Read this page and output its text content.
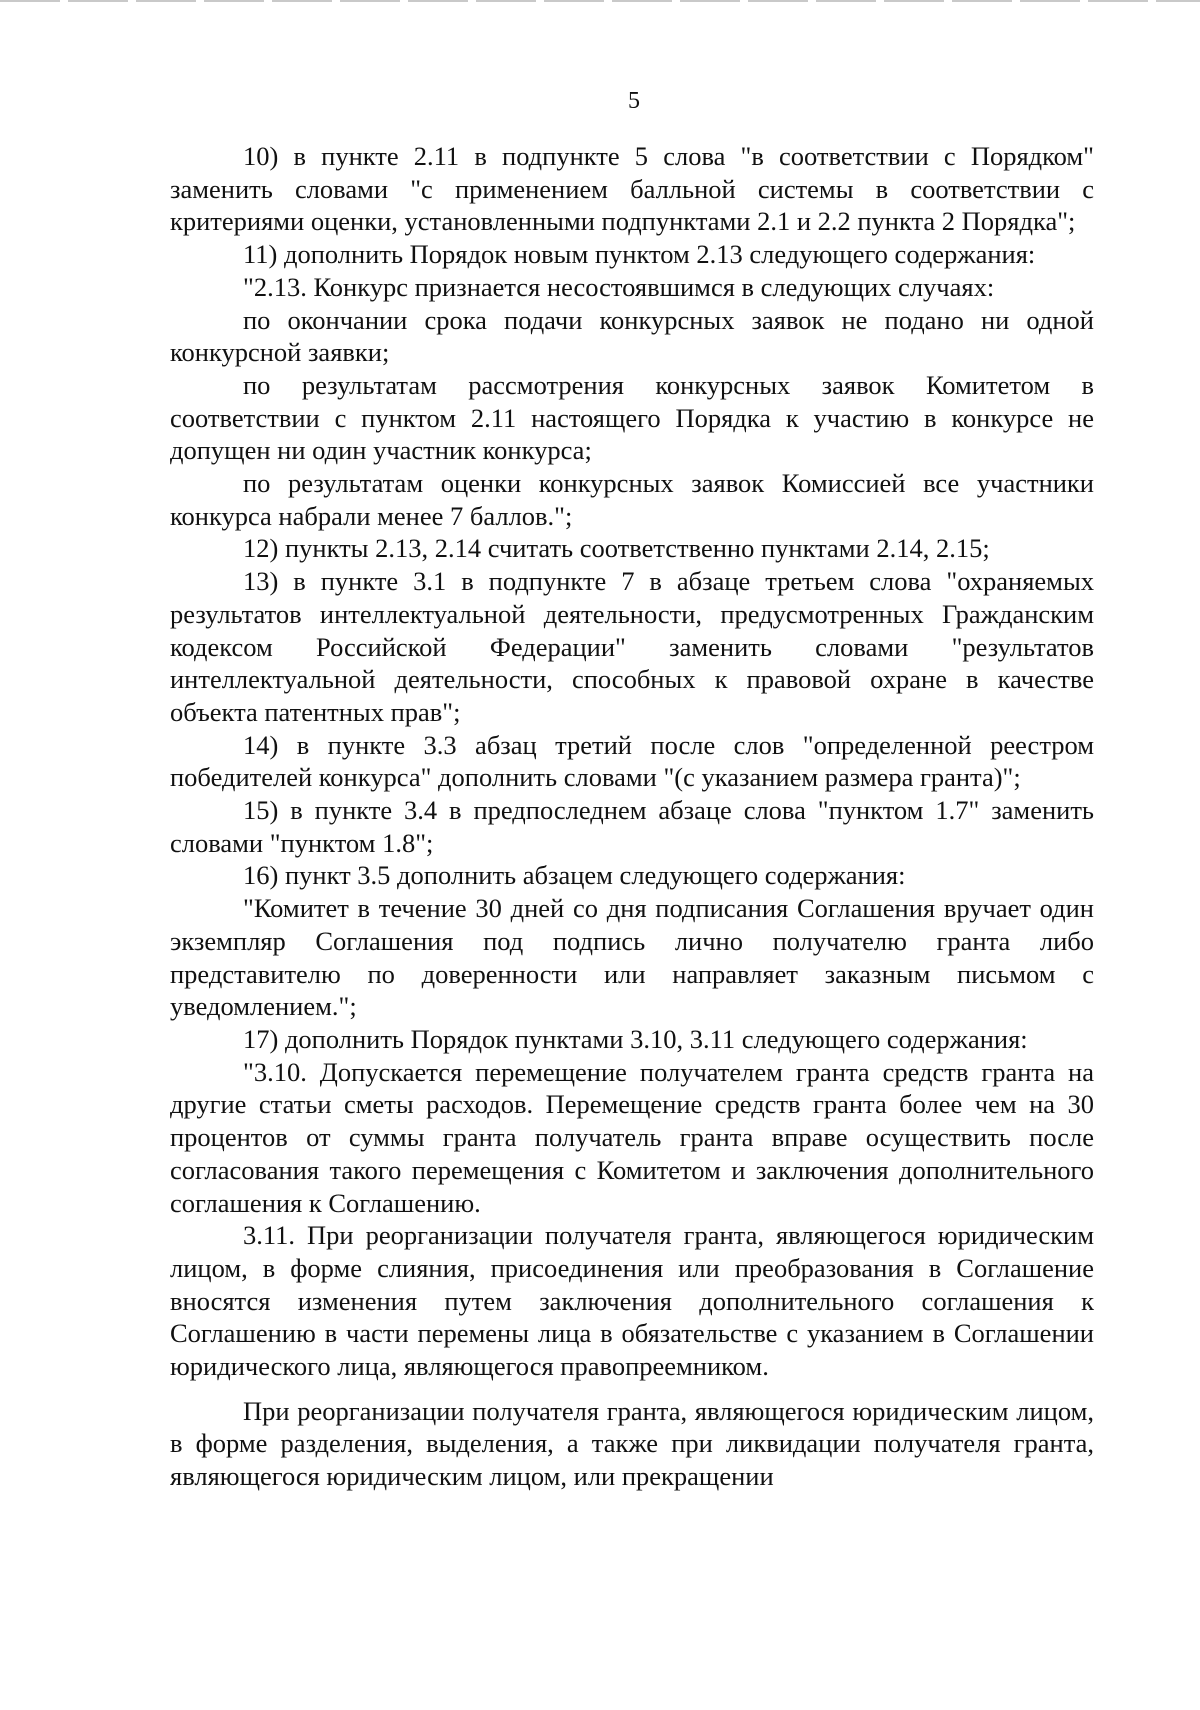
5

10) в пункте 2.11 в подпункте 5 слова "в соответствии с Порядком" заменить словами "с применением балльной системы в соответствии с критериями оценки, установленными подпунктами 2.1 и 2.2 пункта 2 Порядка";

11) дополнить Порядок новым пунктом 2.13 следующего содержания:

"2.13. Конкурс признается несостоявшимся в следующих случаях:

по окончании срока подачи конкурсных заявок не подано ни одной конкурсной заявки;

по результатам рассмотрения конкурсных заявок Комитетом в соответствии с пунктом 2.11 настоящего Порядка к участию в конкурсе не допущен ни один участник конкурса;

по результатам оценки конкурсных заявок Комиссией все участники конкурса набрали менее 7 баллов.";

12) пункты 2.13, 2.14 считать соответственно пунктами 2.14, 2.15;

13) в пункте 3.1 в подпункте 7 в абзаце третьем слова "охраняемых результатов интеллектуальной деятельности, предусмотренных Гражданским кодексом Российской Федерации" заменить словами "результатов интеллектуальной деятельности, способных к правовой охране в качестве объекта патентных прав";

14) в пункте 3.3 абзац третий после слов "определенной реестром победителей конкурса" дополнить словами "(с указанием размера гранта)";

15) в пункте 3.4 в предпоследнем абзаце слова "пунктом 1.7" заменить словами "пунктом 1.8";

16) пункт 3.5 дополнить абзацем следующего содержания:

"Комитет в течение 30 дней со дня подписания Соглашения вручает один экземпляр Соглашения под подпись лично получателю гранта либо представителю по доверенности или направляет заказным письмом с уведомлением.";

17) дополнить Порядок пунктами 3.10, 3.11 следующего содержания:

"3.10. Допускается перемещение получателем гранта средств гранта на другие статьи сметы расходов. Перемещение средств гранта более чем на 30 процентов от суммы гранта получатель гранта вправе осуществить после согласования такого перемещения с Комитетом и заключения дополнительного соглашения к Соглашению.

3.11. При реорганизации получателя гранта, являющегося юридическим лицом, в форме слияния, присоединения или преобразования в Соглашение вносятся изменения путем заключения дополнительного соглашения к Соглашению в части перемены лица в обязательстве с указанием в Соглашении юридического лица, являющегося правопреемником.

При реорганизации получателя гранта, являющегося юридическим лицом, в форме разделения, выделения, а также при ликвидации получателя гранта, являющегося юридическим лицом, или прекращении
